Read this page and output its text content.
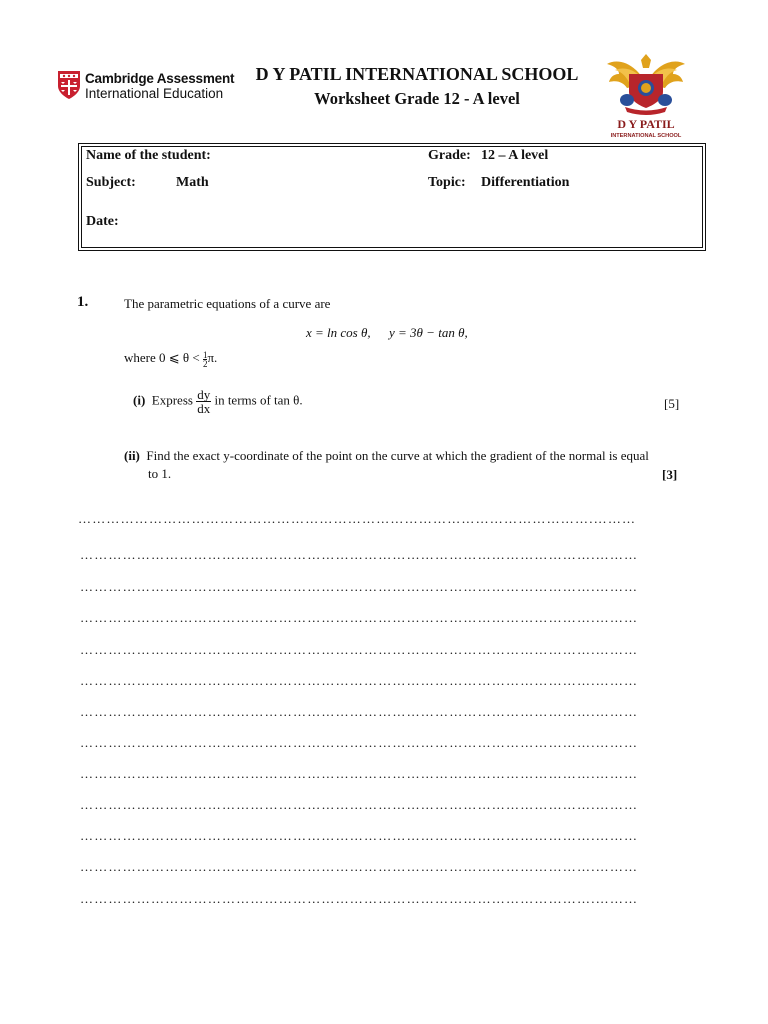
Cambridge Assessment
International Education
D Y PATIL INTERNATIONAL SCHOOL
Worksheet Grade 12 - A level
D Y PATIL
INTERNATIONAL SCHOOL
Name of the student:	Grade: 12 – A level
Subject:	Math	Topic: Differentiation
Date:
1.	The parametric equations of a curve are
x = ln cos θ, y = 3θ − tan θ,
where 0 ⩽ $\theta < \frac{1}{2}\pi$.
(i) Express $\frac{dy}{dx}$ in terms of tan θ.	[5]
(ii) Find the exact y-coordinate of the point on the curve at which the gradient of the normal is equal
to 1.	[3]
……………………………………………………………………………………………….………
……………………………………………………………………………………………….………
……………………………………………………………………………………………….………
……………………………………………………………………………………………….………
……………………………………………………………………………………………….………
……………………………………………………………………………………………….………
……………………………………………………………………………………………….………
……………………………………………………………………………………………….………
……………………………………………………………………………………………….………
……………………………………………………………………………………………….………
……………………………………………………………………………………………….………
……………………………………………………………………………………………….………
……………………………………………………………………………………………….………
